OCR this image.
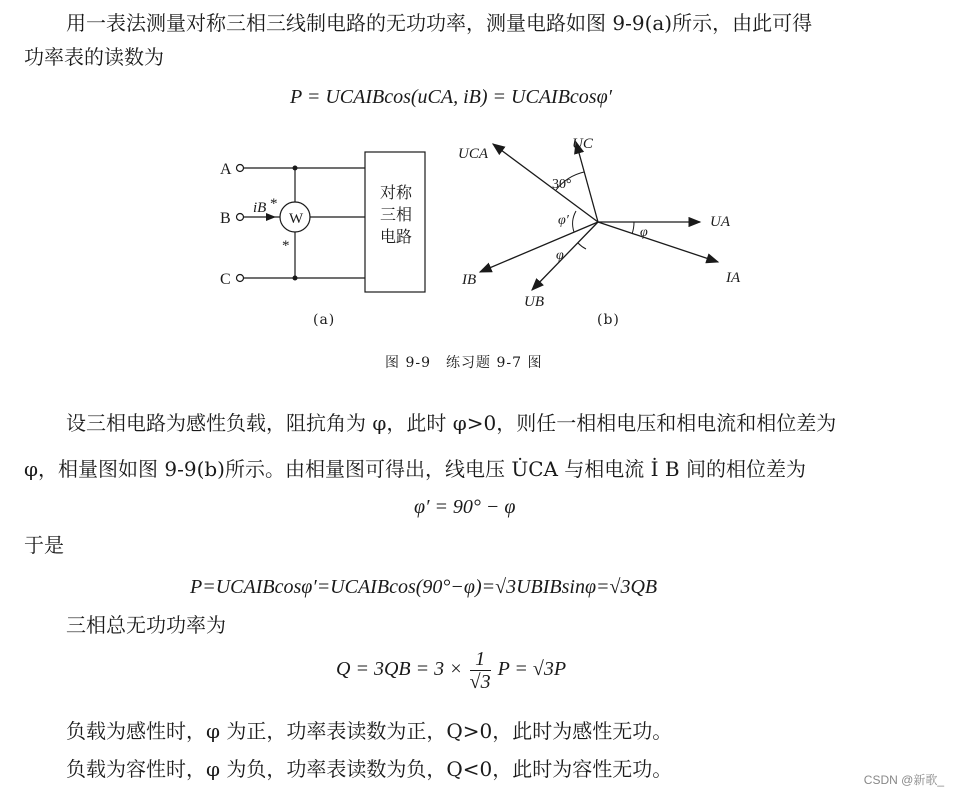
用一表法测量对称三相三线制电路的无功功率，测量电路如图 9-9(a)所示，由此可得
功率表的读数为
P = UCAIBcos(uCA, iB) = UCAIBcosφ′
A
B
C
iB *
*
W
对称
三相
电路
(a)
UCA
UC
UA
IA
IB
UB
30°
φ′
φ
φ
(b)
图 9-9　练习题 9-7 图
设三相电路为感性负载，阻抗角为 φ，此时 φ>0，则任一相相电压和相电流和相位差为
φ，相量图如图 9-9(b)所示。由相量图可得出，线电压 U̇CA 与相电流 İ B 间的相位差为
φ′ = 90° − φ
于是
P=UCAIBcosφ′=UCAIBcos(90°−φ)=√3UBIBsinφ=√3QB
三相总无功功率为
$Q = 3QB = 3 \times \frac{1}{√3}$ P = √3P
负载为感性时，φ 为正，功率表读数为正，Q>0，此时为感性无功。
负载为容性时，φ 为负，功率表读数为负，Q<0，此时为容性无功。	CSDN @新歌_
